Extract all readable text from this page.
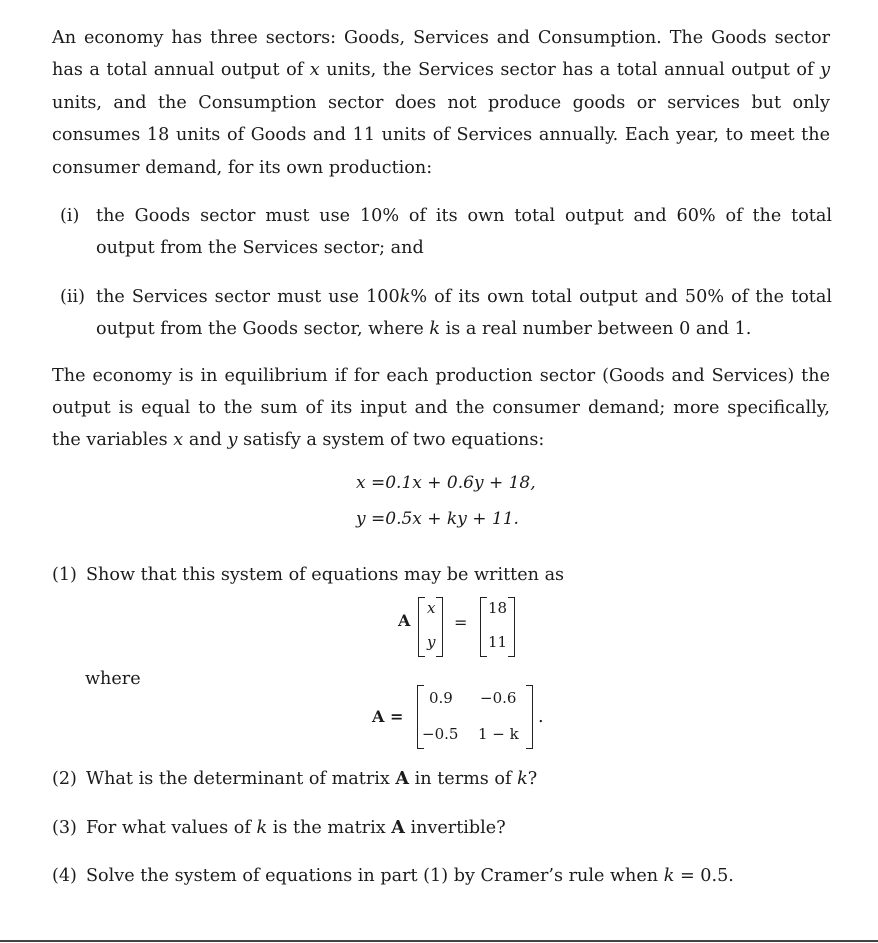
An economy has three sectors: Goods, Services and Consumption. The Goods sector has a total annual output of x units, the Services sector has a total annual output of y units, and the Consumption sector does not produce goods or services but only consumes 18 units of Goods and 11 units of Services annually. Each year, to meet the consumer demand, for its own production:

(i) the Goods sector must use 10% of its own total output and 60% of the total output from the Services sector; and
(ii) the Services sector must use 100k% of its own total output and 50% of the total output from the Goods sector, where k is a real number between 0 and 1.

The economy is in equilibrium if for each production sector (Goods and Services) the output is equal to the sum of its input and the consumer demand; more specifically, the variables x and y satisfy a system of two equations:

x =0.1x + 0.6y + 18,
y =0.5x + ky + 11.
(1) Show that this system of equations may be written as
A
x
y
=
18
11
where
A =
0.9 −0.6
−0.5 1 − k
.
(2) What is the determinant of matrix A in terms of k?
(3) For what values of k is the matrix A invertible?
(4) Solve the system of equations in part (1) by Cramer’s rule when k = 0.5.
